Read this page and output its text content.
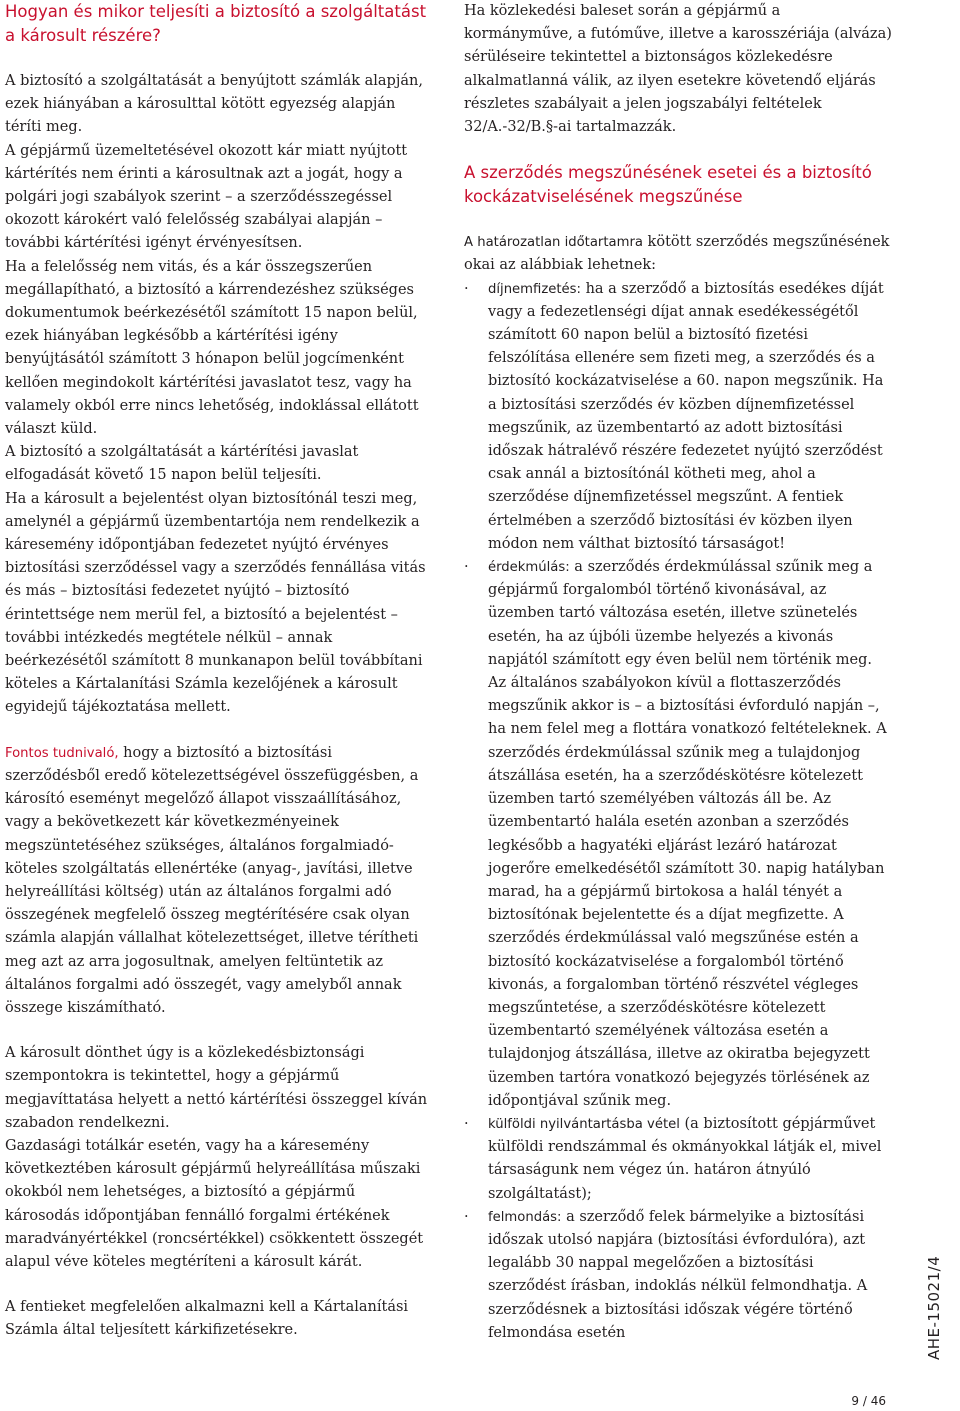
Hogyan és mikor teljesíti a biztosító a szolgáltatást a károsult részére?

A biztosító a szolgáltatását a benyújtott számlák alapján, ezek hiányában a károsulttal kötött egyezség alapján téríti meg.

A gépjármű üzemeltetésével okozott kár miatt nyújtott kártérítés nem érinti a károsultnak azt a jogát, hogy a polgári jogi szabályok szerint – a szerződésszegéssel okozott károkért való felelősség szabályai alapján – további kártérítési igényt érvényesítsen.

Ha a felelősség nem vitás, és a kár összegszerűen megállapítható, a biztosító a kárrendezéshez szükséges dokumentumok beérkezésétől számított 15 napon belül, ezek hiányában legkésőbb a kártérítési igény benyújtásától számított 3 hónapon belül jogcímenként kellően megindokolt kártérítési javaslatot tesz, vagy ha valamely okból erre nincs lehetőség, indoklással ellátott választ küld.

A biztosító a szolgáltatását a kártérítési javaslat elfogadását követő 15 napon belül teljesíti.

Ha a károsult a bejelentést olyan biztosítónál teszi meg, amelynél a gépjármű üzembentartója nem rendelkezik a káresemény időpontjában fedezetet nyújtó érvényes biztosítási szerződéssel vagy a szerződés fennállása vitás és más – biztosítási fedezetet nyújtó – biztosító érintettsége nem merül fel, a biztosító a bejelentést – további intézkedés megtétele nélkül – annak beérkezésétől számított 8 munkanapon belül továbbítani köteles a Kártalanítási Számla kezelőjének a károsult egyidejű tájékoztatása mellett.

Fontos tudnivaló, hogy a biztosító a biztosítási szerződésből eredő kötelezettségével összefüggésben, a károsító eseményt megelőző állapot visszaállításához, vagy a bekövetkezett kár következményeinek megszüntetéséhez szükséges, általános forgalmiadó-köteles szolgáltatás ellenértéke (anyag-, javítási, illetve helyreállítási költség) után az általános forgalmi adó összegének megfelelő összeg megtérítésére csak olyan számla alapján vállalhat kötelezettséget, illetve térítheti meg azt az arra jogosultnak, amelyen feltüntetik az általános forgalmi adó összegét, vagy amelyből annak összege kiszámítható.

A károsult dönthet úgy is a közlekedésbiztonsági szempontokra is tekintettel, hogy a gépjármű megjavíttatása helyett a nettó kártérítési összeggel kíván szabadon rendelkezni.

Gazdasági totálkár esetén, vagy ha a káresemény következtében károsult gépjármű helyreállítása műszaki okokból nem lehetséges, a biztosító a gépjármű károsodás időpontjában fennálló forgalmi értékének maradványértékkel (roncsértékkel) csökkentett összegét alapul véve köteles megtéríteni a károsult kárát.

A fentieket megfelelően alkalmazni kell a Kártalanítási Számla által teljesített kárkifizetésekre.

Ha közlekedési baleset során a gépjármű a kormányműve, a futóműve, illetve a karosszériája (alváza) sérüléseire tekintettel a biztonságos közlekedésre alkalmatlanná válik, az ilyen esetekre követendő eljárás részletes szabályait a jelen jogszabályi feltételek 32/A.-32/B.§-ai tartalmazzák.

A szerződés megszűnésének esetei és a biztosító kockázatviselésének megszűnése

A határozatlan időtartamra kötött szerződés megszűnésének okai az alábbiak lehetnek:

· díjnemfizetés: ha a szerződő a biztosítás esedékes díját vagy a fedezetlenségi díjat annak esedékességétől számított 60 napon belül a biztosító fizetési felszólítása ellenére sem fizeti meg, a szerződés és a biztosító kockázatviselése a 60. napon megszűnik. Ha a biztosítási szerződés év közben díjnemfizetéssel megszűnik, az üzembentartó az adott biztosítási időszak hátralévő részére fedezetet nyújtó szerződést csak annál a biztosítónál kötheti meg, ahol a szerződése díjnemfizetéssel megszűnt. A fentiek értelmében a szerződő biztosítási év közben ilyen módon nem válthat biztosító társaságot!
· érdekmúlás: a szerződés érdekmúlással szűnik meg a gépjármű forgalomból történő kivonásával, az üzemben tartó változása esetén, illetve szünetelés esetén, ha az újbóli üzembe helyezés a kivonás napjától számított egy éven belül nem történik meg.
Az általános szabályokon kívül a flottaszerződés megszűnik akkor is – a biztosítási évforduló napján –, ha nem felel meg a flottára vonatkozó feltételeknek. A szerződés érdekmúlással szűnik meg a tulajdonjog átszállása esetén, ha a szerződéskötésre kötelezett üzemben tartó személyében változás áll be. Az üzembentartó halála esetén azonban a szerződés legkésőbb a hagyatéki eljárást lezáró határozat jogerőre emelkedésétől számított 30. napig hatályban marad, ha a gépjármű birtokosa a halál tényét a biztosítónak bejelentette és a díjat megfizette. A szerződés érdekmúlással való megszűnése estén a biztosító kockázatviselése a forgalomból történő kivonás, a forgalomban történő részvétel végleges megszűntetése, a szerződéskötésre kötelezett üzembentartó személyének változása esetén a tulajdonjog átszállása, illetve az okiratba bejegyzett üzemben tartóra vonatkozó bejegyzés törlésének az időpontjával szűnik meg.
· külföldi nyilvántartásba vétel (a biztosított gépjárművet külföldi rendszámmal és okmányokkal látják el, mivel társaságunk nem végez ún. határon átnyúló szolgáltatást);
· felmondás: a szerződő felek bármelyike a biztosítási időszak utolsó napjára (biztosítási évfordulóra), azt legalább 30 nappal megelőzően a biztosítási szerződést írásban, indoklás nélkül felmondhatja. A szerződésnek a biztosítási időszak végére történő felmondása esetén	AHE-15021/4
9 / 46
